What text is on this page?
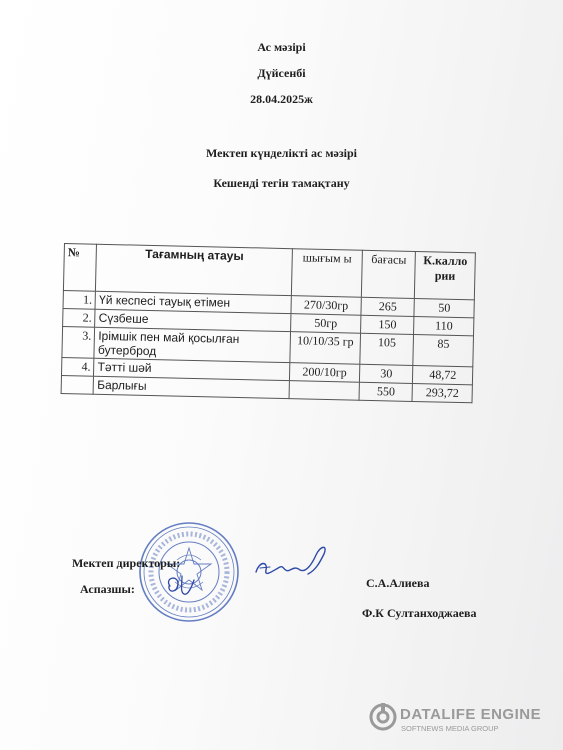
Ас мәзірі
Дүйсенбі
28.04.2025ж
Мектеп күнделікті ас мәзірі
Кешенді тегін тамақтану
№	Тағамның атауы	шығым ы	бағасы	К.калло рии
1.	Үй кеспесі тауық етімен	270/30гр	265	50
2.	Сүзбеше	50гр	150	110
3.	Ірімшік пен май қосылған бутерброд	10/10/35 гр	105	85
4.	Тәтті шәй	200/10гр	30	48,72
	Барлығы		550	293,72
Мектеп директоры:
Аспазшы:	С.А.Алиева
Ф.К Султанходжаева
DATALIFE ENGINE
SOFTNEWS MEDIA GROUP
